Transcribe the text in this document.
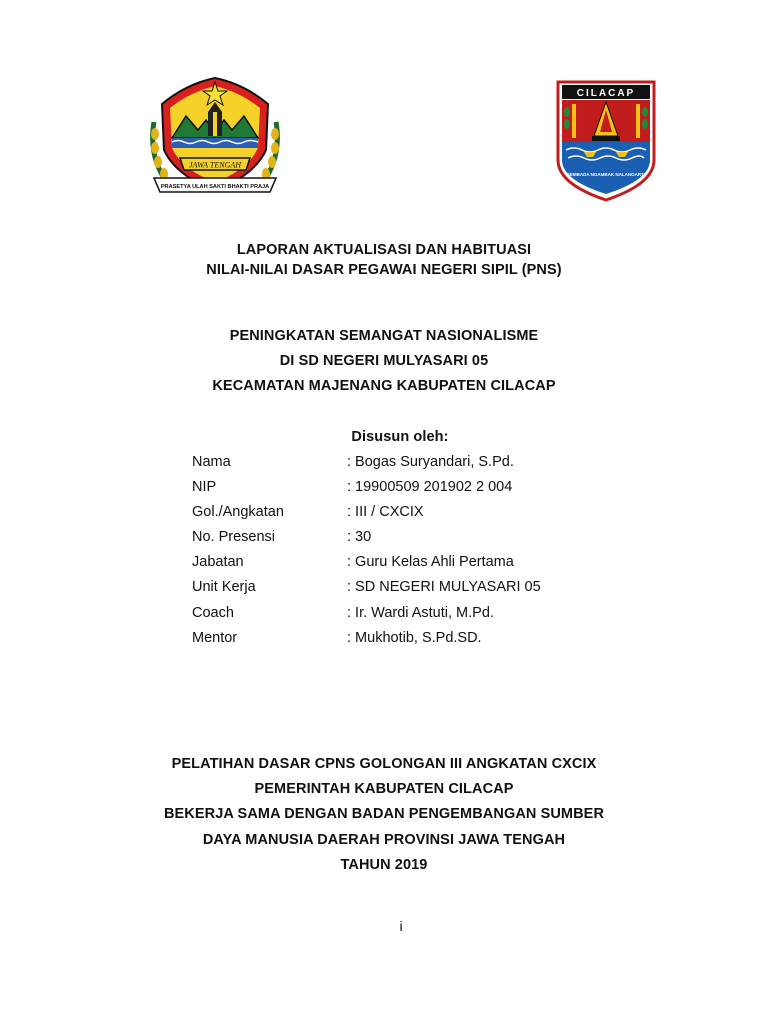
JAWA TENGAH
PRASETYA ULAH SAKTI BHAKTI PRAJA
CILACAP
SEMBADA NGAMBAK NALANGARTI
LAPORAN AKTUALISASI DAN HABITUASI
NILAI-NILAI DASAR PEGAWAI NEGERI SIPIL (PNS)
PENINGKATAN SEMANGAT NASIONALISME
DI SD NEGERI MULYASARI 05
KECAMATAN MAJENANG KABUPATEN CILACAP
Disusun oleh:
Nama	: Bogas Suryandari, S.Pd.
NIP	: 19900509 201902 2 004
Gol./Angkatan	: III / CXCIX
No. Presensi	: 30
Jabatan	: Guru Kelas Ahli Pertama
Unit Kerja	: SD NEGERI MULYASARI 05
Coach	: Ir. Wardi Astuti, M.Pd.
Mentor	: Mukhotib, S.Pd.SD.
PELATIHAN DASAR CPNS GOLONGAN III ANGKATAN CXCIX
PEMERINTAH KABUPATEN CILACAP
BEKERJA SAMA DENGAN BADAN PENGEMBANGAN SUMBER
DAYA MANUSIA DAERAH PROVINSI JAWA TENGAH
TAHUN 2019
i
